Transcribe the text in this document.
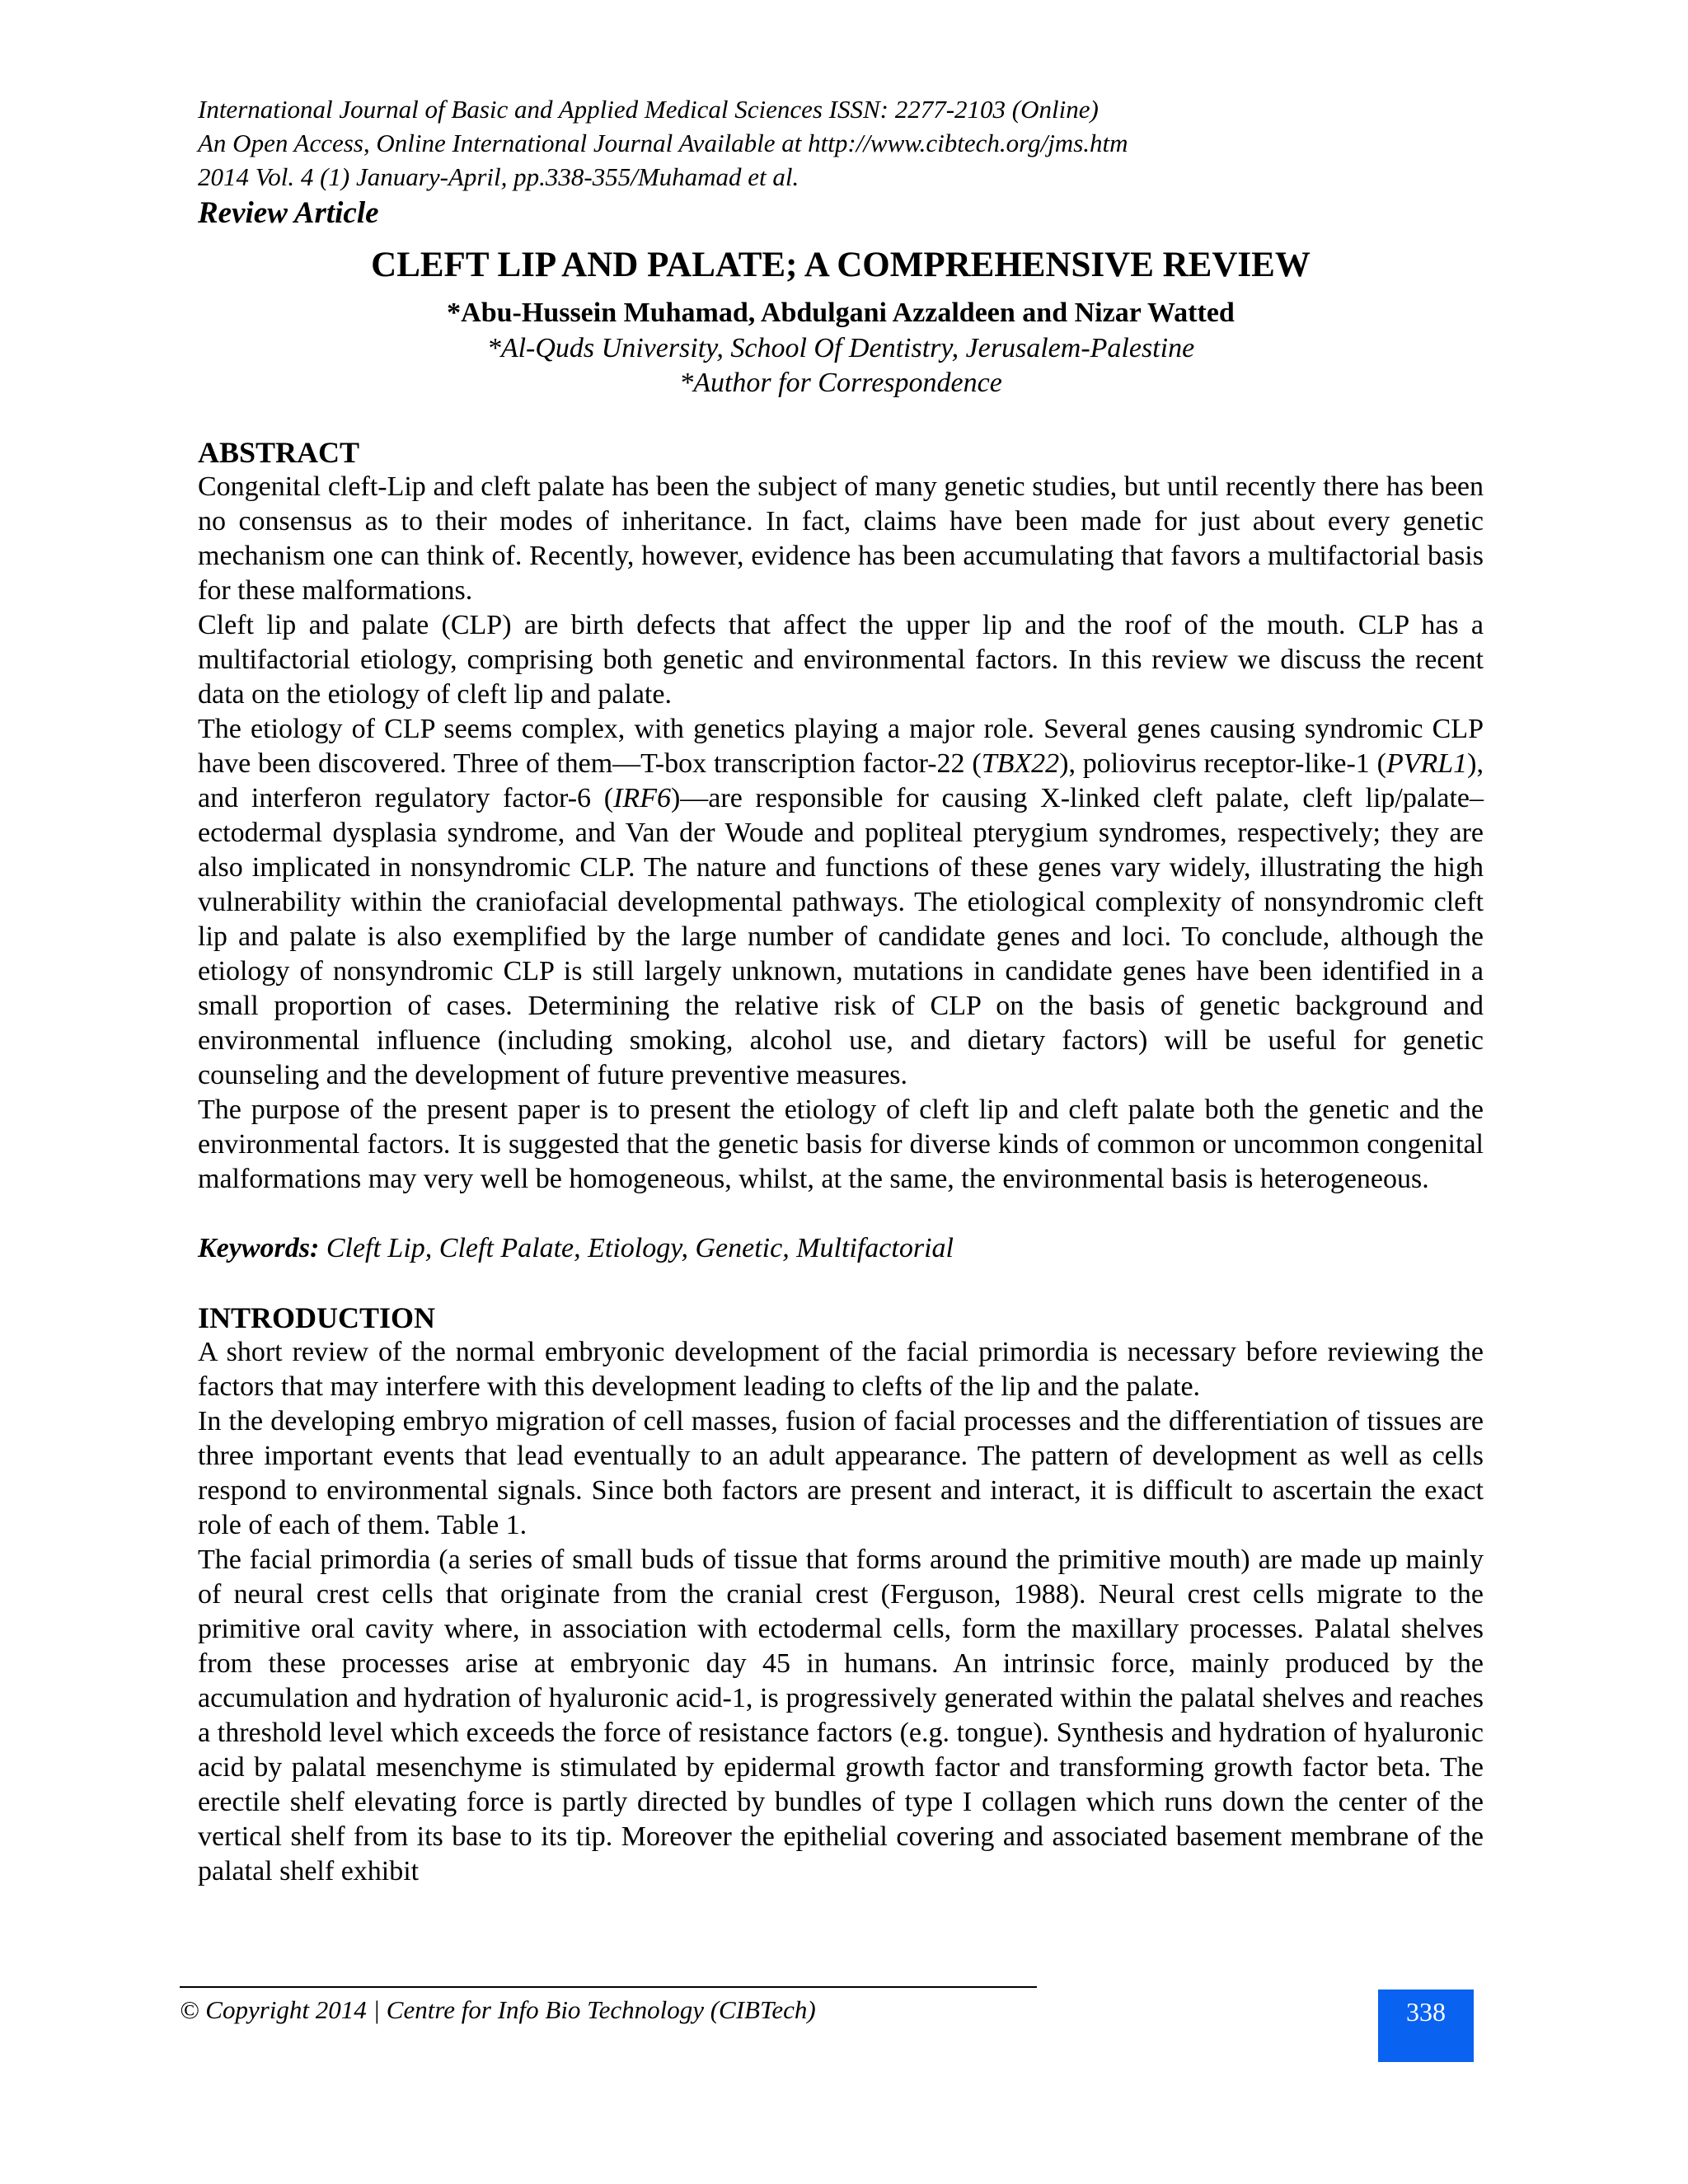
International Journal of Basic and Applied Medical Sciences ISSN: 2277-2103 (Online)
An Open Access, Online International Journal Available at http://www.cibtech.org/jms.htm
2014 Vol. 4 (1) January-April, pp.338-355/Muhamad et al.
Review Article
CLEFT LIP AND PALATE; A COMPREHENSIVE REVIEW
*Abu-Hussein Muhamad, Abdulgani Azzaldeen and Nizar Watted
*Al-Quds University, School Of Dentistry, Jerusalem-Palestine
*Author for Correspondence
ABSTRACT

Congenital cleft-Lip and cleft palate has been the subject of many genetic studies, but until recently there has been no consensus as to their modes of inheritance. In fact, claims have been made for just about every genetic mechanism one can think of. Recently, however, evidence has been accumulating that favors a multifactorial basis for these malformations.

Cleft lip and palate (CLP) are birth defects that affect the upper lip and the roof of the mouth. CLP has a multifactorial etiology, comprising both genetic and environmental factors. In this review we discuss the recent data on the etiology of cleft lip and palate.

The etiology of CLP seems complex, with genetics playing a major role. Several genes causing syndromic CLP have been discovered. Three of them—T-box transcription factor-22 (TBX22), poliovirus receptor-like-1 (PVRL1), and interferon regulatory factor-6 (IRF6)—are responsible for causing X-linked cleft palate, cleft lip/palate–ectodermal dysplasia syndrome, and Van der Woude and popliteal pterygium syndromes, respectively; they are also implicated in nonsyndromic CLP. The nature and functions of these genes vary widely, illustrating the high vulnerability within the craniofacial developmental pathways. The etiological complexity of nonsyndromic cleft lip and palate is also exemplified by the large number of candidate genes and loci. To conclude, although the etiology of nonsyndromic CLP is still largely unknown, mutations in candidate genes have been identified in a small proportion of cases. Determining the relative risk of CLP on the basis of genetic background and environmental influence (including smoking, alcohol use, and dietary factors) will be useful for genetic counseling and the development of future preventive measures.

The purpose of the present paper is to present the etiology of cleft lip and cleft palate both the genetic and the environmental factors. It is suggested that the genetic basis for diverse kinds of common or uncommon congenital malformations may very well be homogeneous, whilst, at the same, the environmental basis is heterogeneous.

Keywords: Cleft Lip, Cleft Palate, Etiology, Genetic, Multifactorial
INTRODUCTION

A short review of the normal embryonic development of the facial primordia is necessary before reviewing the factors that may interfere with this development leading to clefts of the lip and the palate.

In the developing embryo migration of cell masses, fusion of facial processes and the differentiation of tissues are three important events that lead eventually to an adult appearance. The pattern of development as well as cells respond to environmental signals. Since both factors are present and interact, it is difficult to ascertain the exact role of each of them. Table 1.

The facial primordia (a series of small buds of tissue that forms around the primitive mouth) are made up mainly of neural crest cells that originate from the cranial crest (Ferguson, 1988). Neural crest cells migrate to the primitive oral cavity where, in association with ectodermal cells, form the maxillary processes. Palatal shelves from these processes arise at embryonic day 45 in humans. An intrinsic force, mainly produced by the accumulation and hydration of hyaluronic acid-1, is progressively generated within the palatal shelves and reaches a threshold level which exceeds the force of resistance factors (e.g. tongue). Synthesis and hydration of hyaluronic acid by palatal mesenchyme is stimulated by epidermal growth factor and transforming growth factor beta. The erectile shelf elevating force is partly directed by bundles of type I collagen which runs down the center of the vertical shelf from its base to its tip. Moreover the epithelial covering and associated basement membrane of the palatal shelf exhibit

© Copyright 2014 | Centre for Info Bio Technology (CIBTech)	338
